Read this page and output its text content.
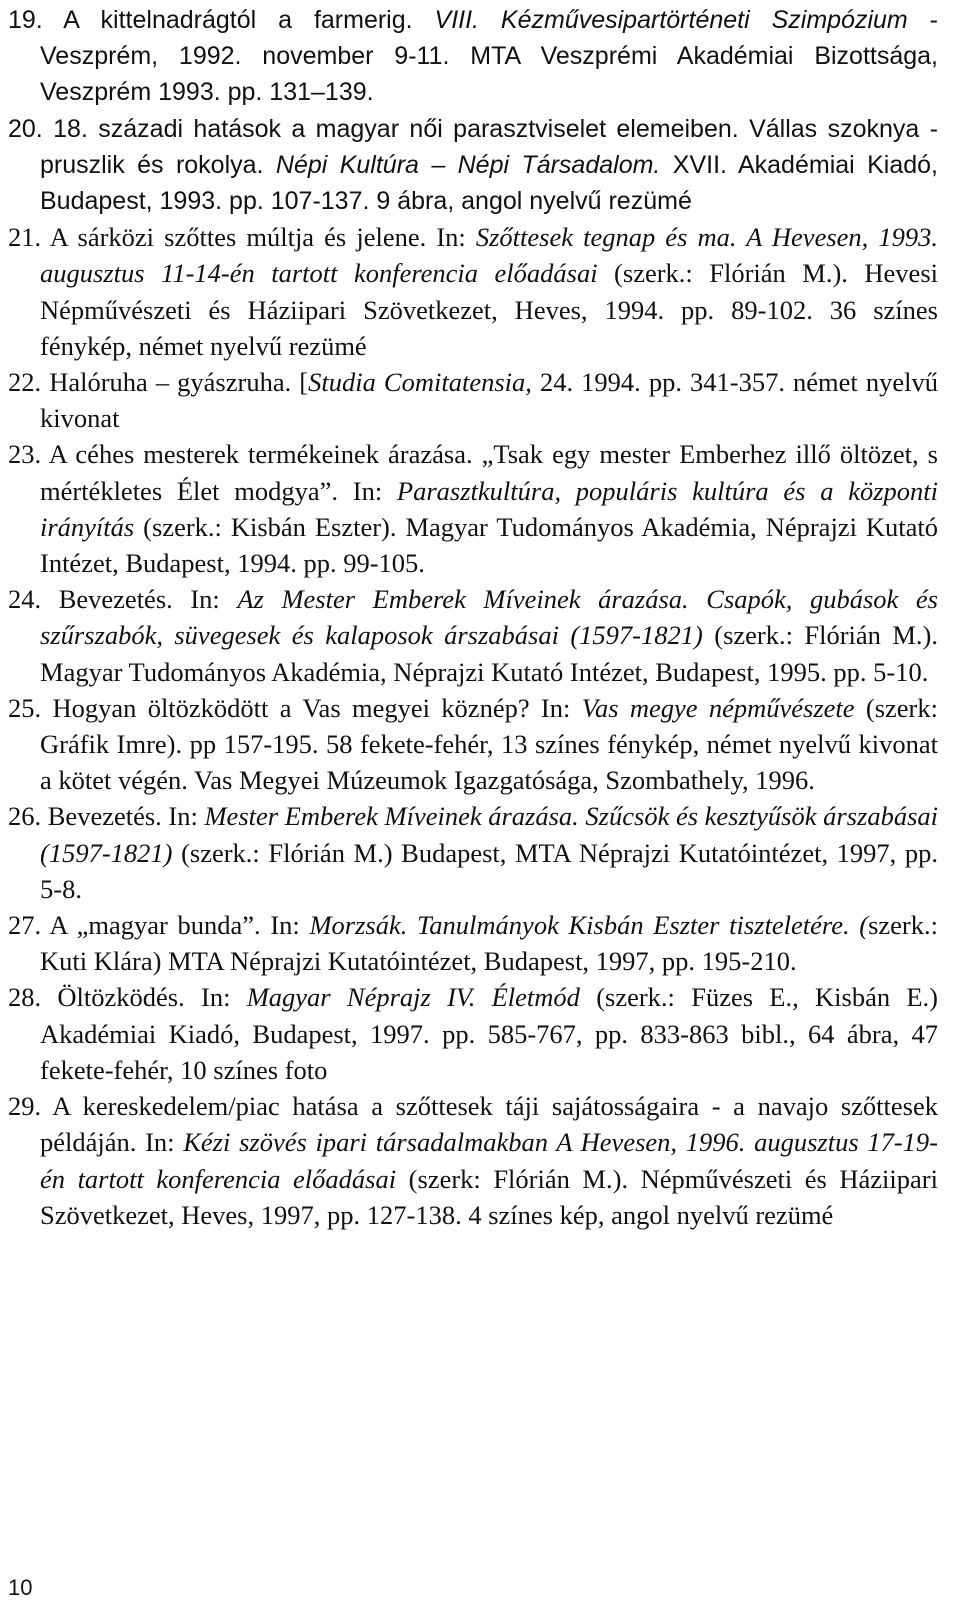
19. A kittelnadrágtól a farmerig. VIII. Kézművesipartörténeti Szimpózium - Veszprém, 1992. november 9-11. MTA Veszprémi Akadémiai Bizottsága, Veszprém 1993. pp. 131–139.

20. 18. századi hatások a magyar női parasztviselet elemeiben. Vállas szoknya - pruszlik és rokolya. Népi Kultúra – Népi Társadalom. XVII. Akadémiai Kiadó, Budapest, 1993. pp. 107-137. 9 ábra, angol nyelvű rezümé

21. A sárközi szőttes múltja és jelene. In: Szőttesek tegnap és ma. A Hevesen, 1993. augusztus 11-14-én tartott konferencia előadásai (szerk.: Flórián M.). Hevesi Népművészeti és Háziipari Szövetkezet, Heves, 1994. pp. 89-102. 36 színes fénykép, német nyelvű rezümé

22. Halóruha – gyászruha. [Studia Comitatensia, 24. 1994. pp. 341-357. német nyelvű kivonat

23. A céhes mesterek termékeinek árazása. „Tsak egy mester Emberhez illő öltözet, s mértékletes Élet modgya”. In: Parasztkultúra, populáris kultúra és a központi irányítás (szerk.: Kisbán Eszter). Magyar Tudományos Akadémia, Néprajzi Kutató Intézet, Budapest, 1994. pp. 99-105.

24. Bevezetés. In: Az Mester Emberek Míveinek árazása. Csapók, gubások és szűrszabók, süvegesek és kalaposok árszabásai (1597-1821) (szerk.: Flórián M.). Magyar Tudományos Akadémia, Néprajzi Kutató Intézet, Budapest, 1995. pp. 5-10.

25. Hogyan öltözködött a Vas megyei köznép? In: Vas megye népművészete (szerk: Gráfik Imre). pp 157-195. 58 fekete-fehér, 13 színes fénykép, német nyelvű kivonat a kötet végén. Vas Megyei Múzeumok Igazgatósága, Szombathely, 1996.

26. Bevezetés. In: Mester Emberek Míveinek árazása. Szűcsök és kesztyűsök árszabásai (1597-1821) (szerk.: Flórián M.) Budapest, MTA Néprajzi Kutatóintézet, 1997, pp. 5-8.

27. A „magyar bunda”. In: Morzsák. Tanulmányok Kisbán Eszter tiszteletére. (szerk.: Kuti Klára) MTA Néprajzi Kutatóintézet, Budapest, 1997, pp. 195-210.

28. Öltözködés. In: Magyar Néprajz IV. Életmód (szerk.: Füzes E., Kisbán E.) Akadémiai Kiadó, Budapest, 1997. pp. 585-767, pp. 833-863 bibl., 64 ábra, 47 fekete-fehér, 10 színes foto

29. A kereskedelem/piac hatása a szőttesek táji sajátosságaira - a navajo szőttesek példáján. In: Kézi szövés ipari társadalmakban A Hevesen, 1996. augusztus 17-19-én tartott konferencia előadásai (szerk: Flórián M.). Népművészeti és Háziipari Szövetkezet, Heves, 1997, pp. 127-138. 4 színes kép, angol nyelvű rezümé

10
